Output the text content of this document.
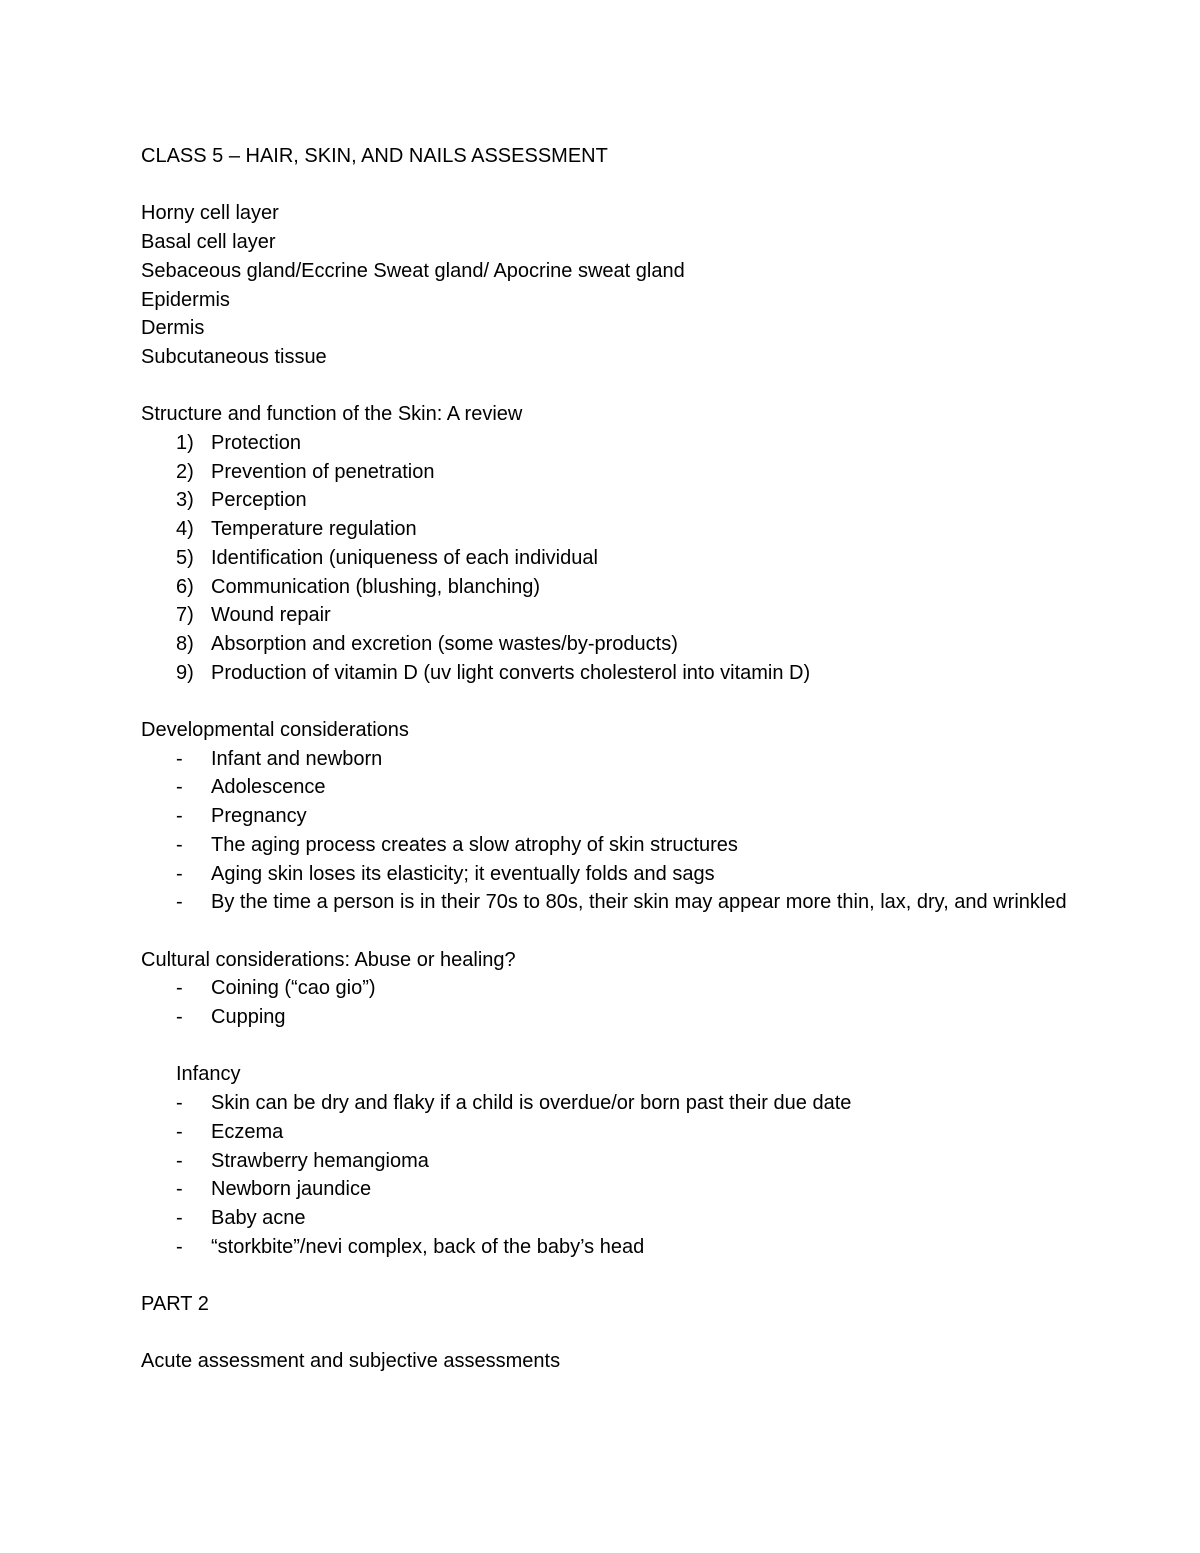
CLASS 5 – HAIR, SKIN, AND NAILS ASSESSMENT
Horny cell layer
Basal cell layer
Sebaceous gland/Eccrine Sweat gland/ Apocrine sweat gland
Epidermis
Dermis
Subcutaneous tissue
Structure and function of the Skin: A review
1) Protection
2) Prevention of penetration
3) Perception
4) Temperature regulation
5) Identification (uniqueness of each individual
6) Communication (blushing, blanching)
7) Wound repair
8) Absorption and excretion (some wastes/by-products)
9) Production of vitamin D (uv light converts cholesterol into vitamin D)
Developmental considerations
- Infant and newborn
- Adolescence
- Pregnancy
- The aging process creates a slow atrophy of skin structures
- Aging skin loses its elasticity; it eventually folds and sags
- By the time a person is in their 70s to 80s, their skin may appear more thin, lax, dry, and wrinkled
Cultural considerations: Abuse or healing?
- Coining (“cao gio”)
- Cupping
Infancy
- Skin can be dry and flaky if a child is overdue/or born past their due date
- Eczema
- Strawberry hemangioma
- Newborn jaundice
- Baby acne
- “storkbite”/nevi complex, back of the baby’s head
PART 2
Acute assessment and subjective assessments
